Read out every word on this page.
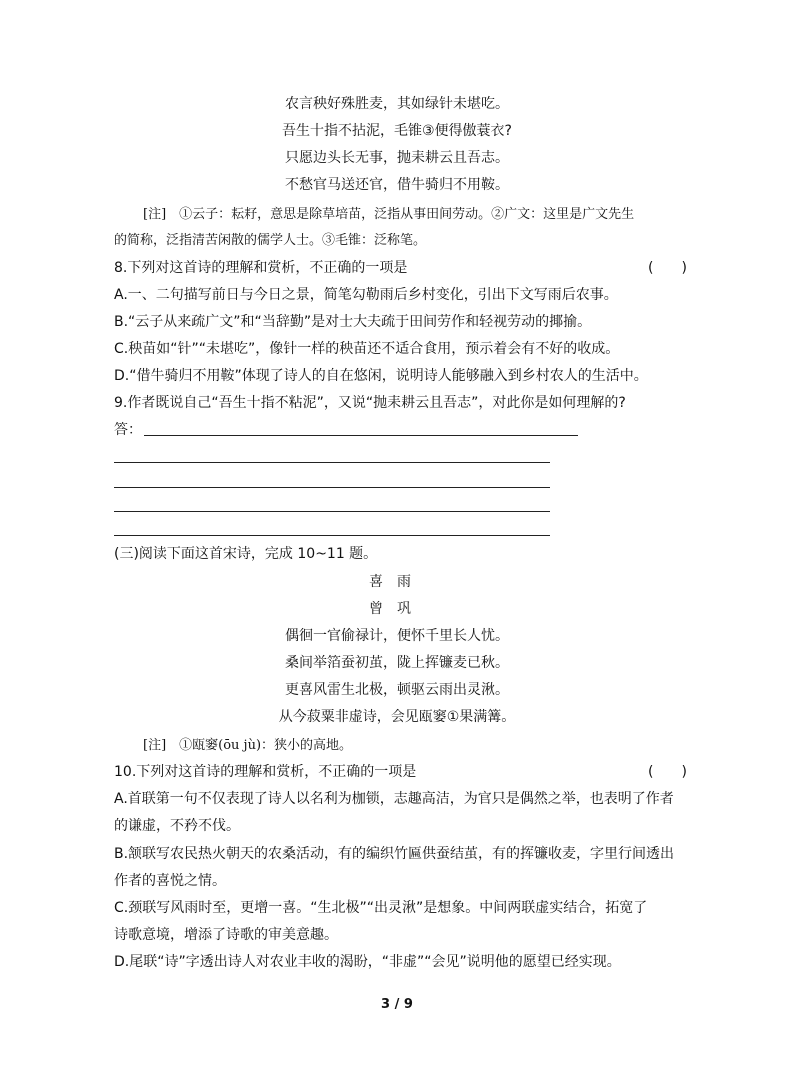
农言秧好殊胜麦，其如绿针未堪吃。
吾生十指不拈泥，毛锥③便得傲蓑衣?
只愿边头长无事，抛耒耕云且吾志。
不愁官马送还官，借牛骑归不用鞍。
[注]　①云子：耘耔，意思是除草培苗，泛指从事田间劳动。②广文：这里是广文先生
的简称，泛指清苦闲散的儒学人士。③毛锥：泛称笔。
8.下列对这首诗的理解和赏析，不正确的一项是	(　　)
A.一、二句描写前日与今日之景，简笔勾勒雨后乡村变化，引出下文写雨后农事。
B.“云子从来疏广文”和“当辞勤”是对士大夫疏于田间劳作和轻视劳动的揶揄。
C.秧苗如“针”“未堪吃”，像针一样的秧苗还不适合食用，预示着会有不好的收成。
D.“借牛骑归不用鞍”体现了诗人的自在悠闲，说明诗人能够融入到乡村农人的生活中。
9.作者既说自己“吾生十指不粘泥”，又说“抛耒耕云且吾志”，对此你是如何理解的?
答：
(三)阅读下面这首宋诗，完成 10~11 题。
喜雨
曾巩
偶徊一官偷禄计，便怀千里长人忧。
桑间举箔蚕初茧，陇上挥镰麦已秋。
更喜风雷生北极，顿驱云雨出灵湫。
从今菽粟非虚诗，会见瓯窭①果满篝。
[注]　①瓯窭(ōu jù)：狭小的高地。
10.下列对这首诗的理解和赏析，不正确的一项是	(　　)
A.首联第一句不仅表现了诗人以名利为枷锁，志趣高洁，为官只是偶然之举，也表明了作者
的谦虚，不矜不伐。
B.颔联写农民热火朝天的农桑活动，有的编织竹匾供蚕结茧，有的挥镰收麦，字里行间透出
作者的喜悦之情。
C.颈联写风雨时至，更增一喜。“生北极”“出灵湫”是想象。中间两联虚实结合，拓宽了
诗歌意境，增添了诗歌的审美意趣。
D.尾联“诗”字透出诗人对农业丰收的渴盼，“非虚”“会见”说明他的愿望已经实现。
3 / 9
